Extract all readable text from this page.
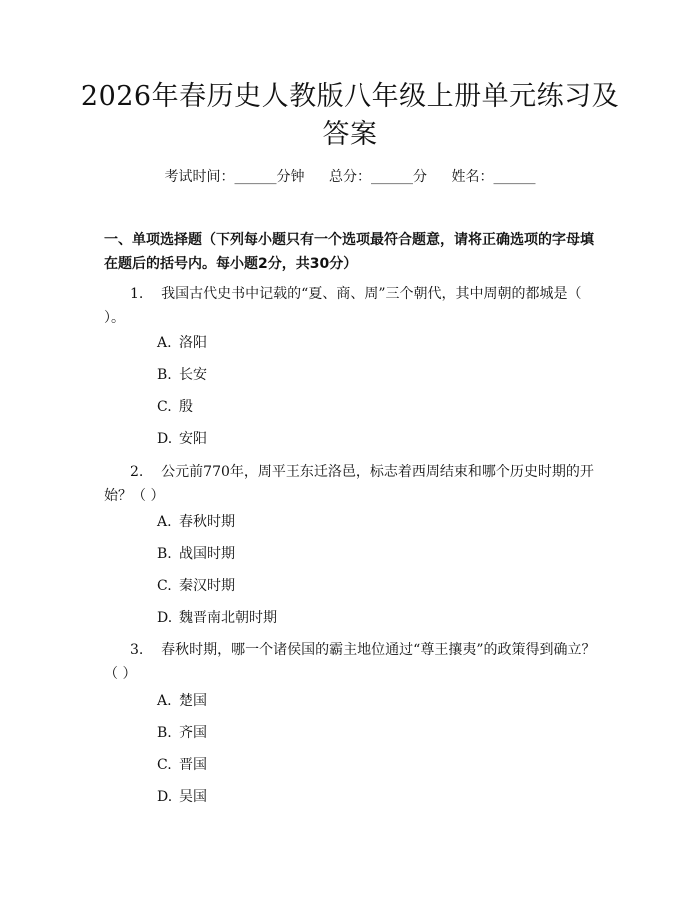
2026年春历史人教版八年级上册单元练习及答案
考试时间：______分钟 总分：______分 姓名：______

一、单项选择题（下列每小题只有一个选项最符合题意，请将正确选项的字母填在题后的括号内。每小题2分，共30分）

1. 我国古代史书中记载的“夏、商、周”三个朝代，其中周朝的都城是（ ）。

A. 洛阳
B. 长安
C. 殷
D. 安阳

2. 公元前770年，周平王东迁洛邑，标志着西周结束和哪个历史时期的开始？（ ）

A. 春秋时期
B. 战国时期
C. 秦汉时期
D. 魏晋南北朝时期

3. 春秋时期，哪一个诸侯国的霸主地位通过“尊王攘夷”的政策得到确立？（ ）

A. 楚国
B. 齐国
C. 晋国
D. 吴国
